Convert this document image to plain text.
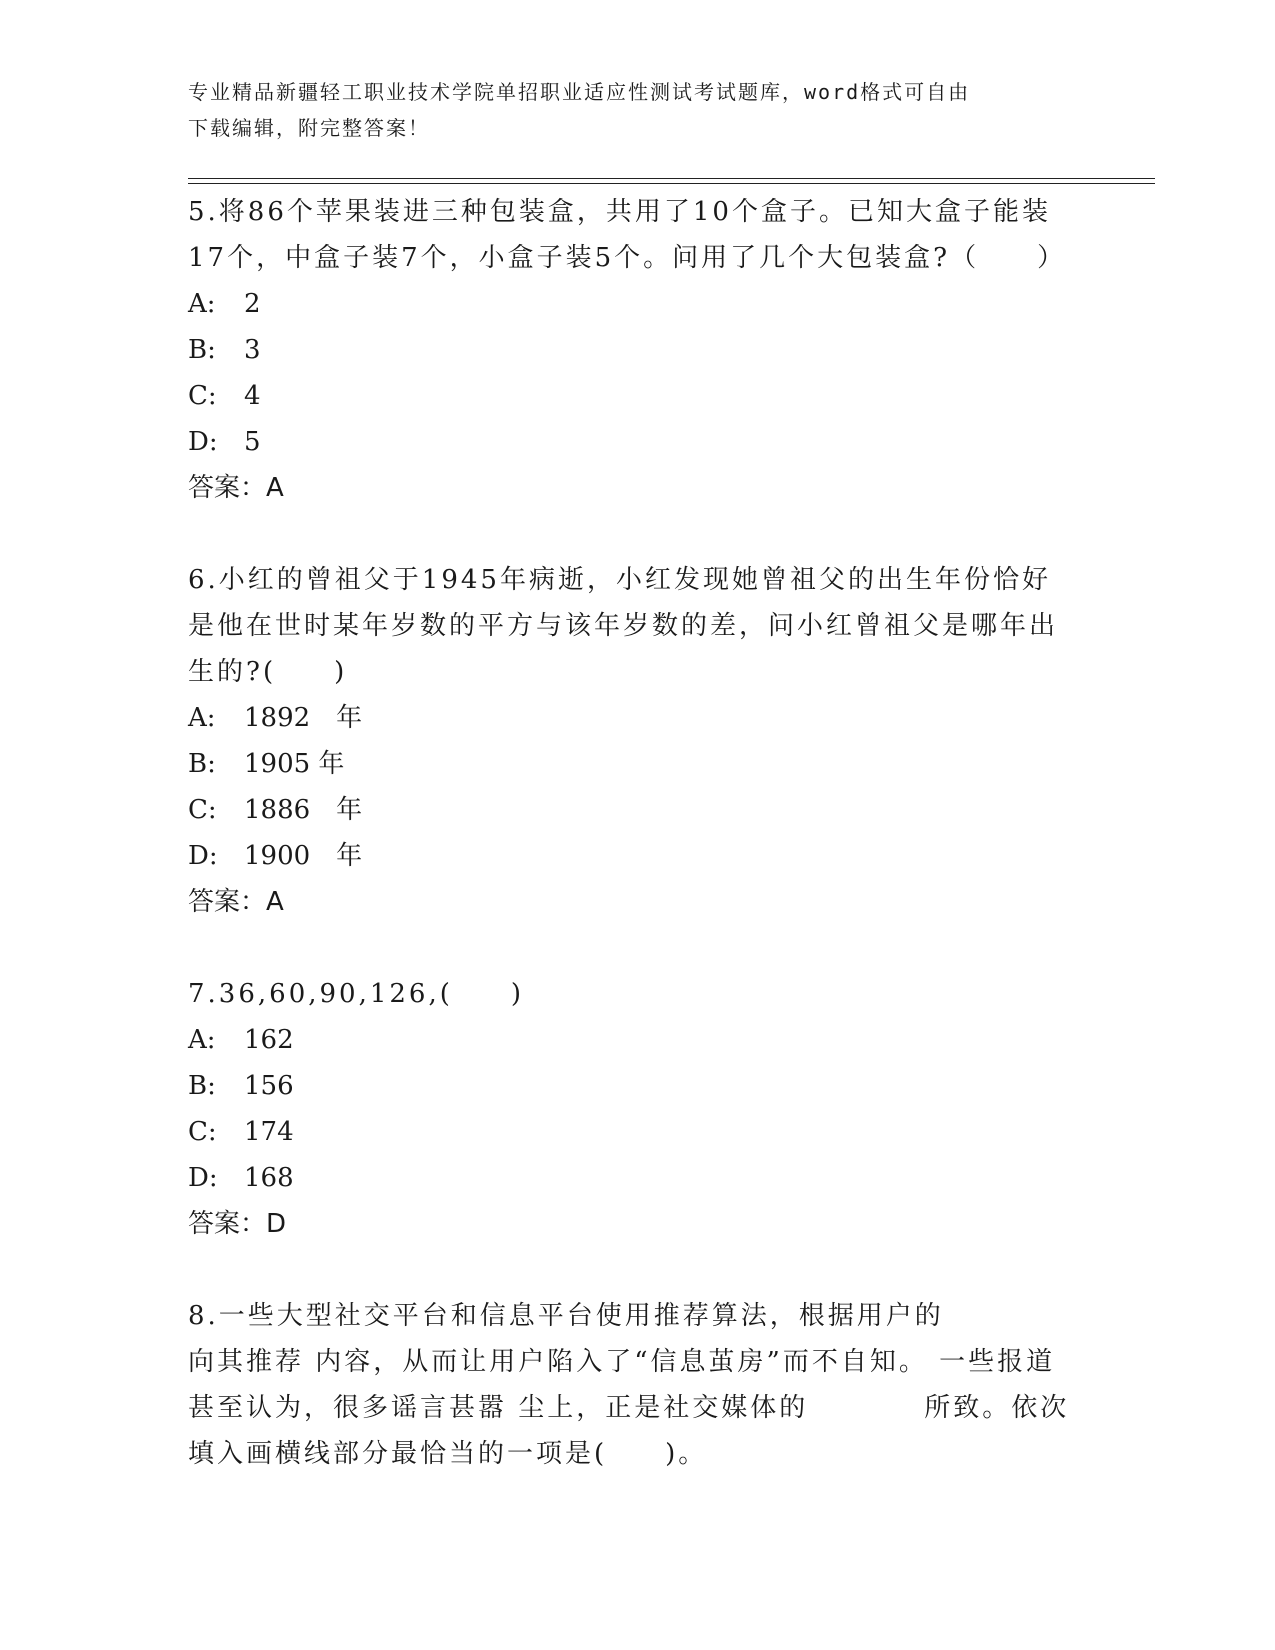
专业精品新疆轻工职业技术学院单招职业适应性测试考试题库，word格式可自由
下载编辑，附完整答案！

5.将86个苹果装进三种包装盒，共用了10个盒子。已知大盒子能装17个，中盒子装7个，小盒子装5个。问用了几个大包装盒?（　　）

A:	2
B:	3
C:	4
D:	5
答案：A

6.小红的曾祖父于1945年病逝，小红发现她曾祖父的出生年份恰好是他在世时某年岁数的平方与该年岁数的差，问小红曾祖父是哪年出生的?(　　)

A:	1892　年
B:	1905 年
C:	1886　年
D:	1900　年
答案：A

7.36,60,90,126,(　　)

A:	162
B:	156
C:	174
D:	168
答案：D

8.一些大型社交平台和信息平台使用推荐算法，根据用户的　　　　向其推荐 内容，从而让用户陷入了“信息茧房”而不自知。 一些报道甚至认为，很多谣言甚嚣 尘上，正是社交媒体的　　　　所致。依次填入画横线部分最恰当的一项是(　　)。
